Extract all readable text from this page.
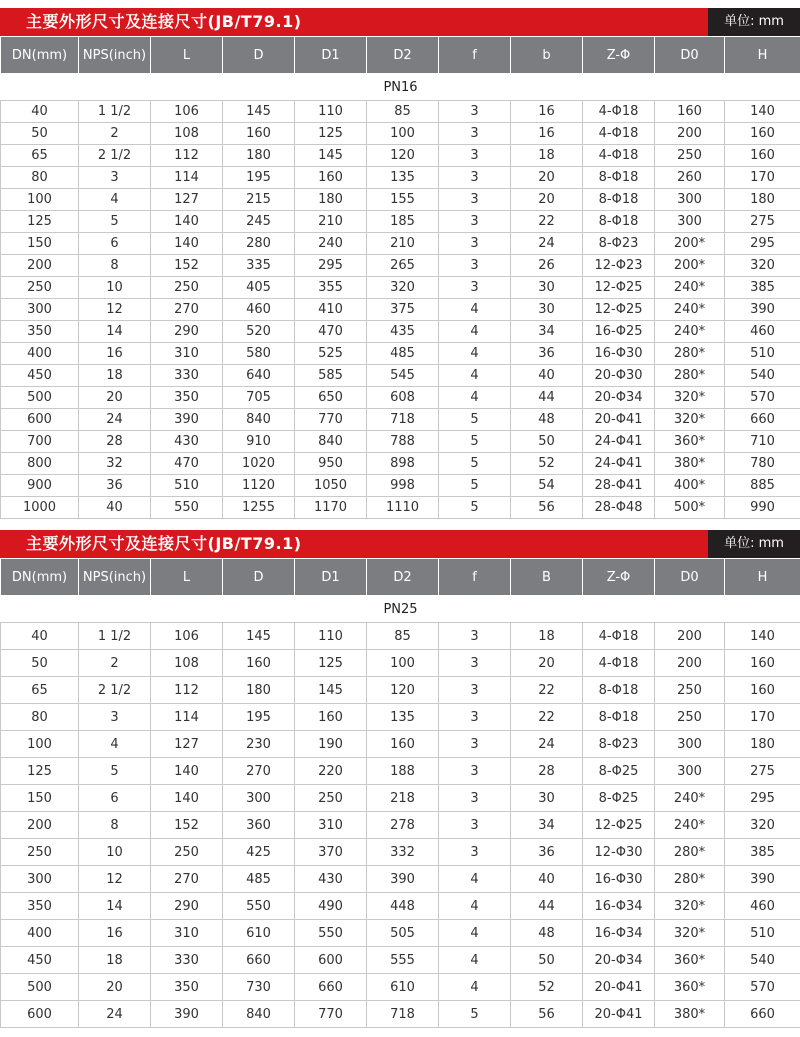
主要外形尺寸及连接尺寸(JB/T79.1)	单位: mm
DN(mm)	NPS(inch)	L	D	D1	D2	f	b	Z-Φ	D0	H
PN16										
40	1 1/2	106	145	110	85	3	16	4-Φ18	160	140
50	2	108	160	125	100	3	16	4-Φ18	200	160
65	2 1/2	112	180	145	120	3	18	4-Φ18	250	160
80	3	114	195	160	135	3	20	8-Φ18	260	170
100	4	127	215	180	155	3	20	8-Φ18	300	180
125	5	140	245	210	185	3	22	8-Φ18	300	275
150	6	140	280	240	210	3	24	8-Φ23	200*	295
200	8	152	335	295	265	3	26	12-Φ23	200*	320
250	10	250	405	355	320	3	30	12-Φ25	240*	385
300	12	270	460	410	375	4	30	12-Φ25	240*	390
350	14	290	520	470	435	4	34	16-Φ25	240*	460
400	16	310	580	525	485	4	36	16-Φ30	280*	510
450	18	330	640	585	545	4	40	20-Φ30	280*	540
500	20	350	705	650	608	4	44	20-Φ34	320*	570
600	24	390	840	770	718	5	48	20-Φ41	320*	660
700	28	430	910	840	788	5	50	24-Φ41	360*	710
800	32	470	1020	950	898	5	52	24-Φ41	380*	780
900	36	510	1120	1050	998	5	54	28-Φ41	400*	885
1000	40	550	1255	1170	1110	5	56	28-Φ48	500*	990
主要外形尺寸及连接尺寸(JB/T79.1)	单位: mm
DN(mm)	NPS(inch)	L	D	D1	D2	f	B	Z-Φ	D0	H
PN25										
40	1 1/2	106	145	110	85	3	18	4-Φ18	200	140
50	2	108	160	125	100	3	20	4-Φ18	200	160
65	2 1/2	112	180	145	120	3	22	8-Φ18	250	160
80	3	114	195	160	135	3	22	8-Φ18	250	170
100	4	127	230	190	160	3	24	8-Φ23	300	180
125	5	140	270	220	188	3	28	8-Φ25	300	275
150	6	140	300	250	218	3	30	8-Φ25	240*	295
200	8	152	360	310	278	3	34	12-Φ25	240*	320
250	10	250	425	370	332	3	36	12-Φ30	280*	385
300	12	270	485	430	390	4	40	16-Φ30	280*	390
350	14	290	550	490	448	4	44	16-Φ34	320*	460
400	16	310	610	550	505	4	48	16-Φ34	320*	510
450	18	330	660	600	555	4	50	20-Φ34	360*	540
500	20	350	730	660	610	4	52	20-Φ41	360*	570
600	24	390	840	770	718	5	56	20-Φ41	380*	660
